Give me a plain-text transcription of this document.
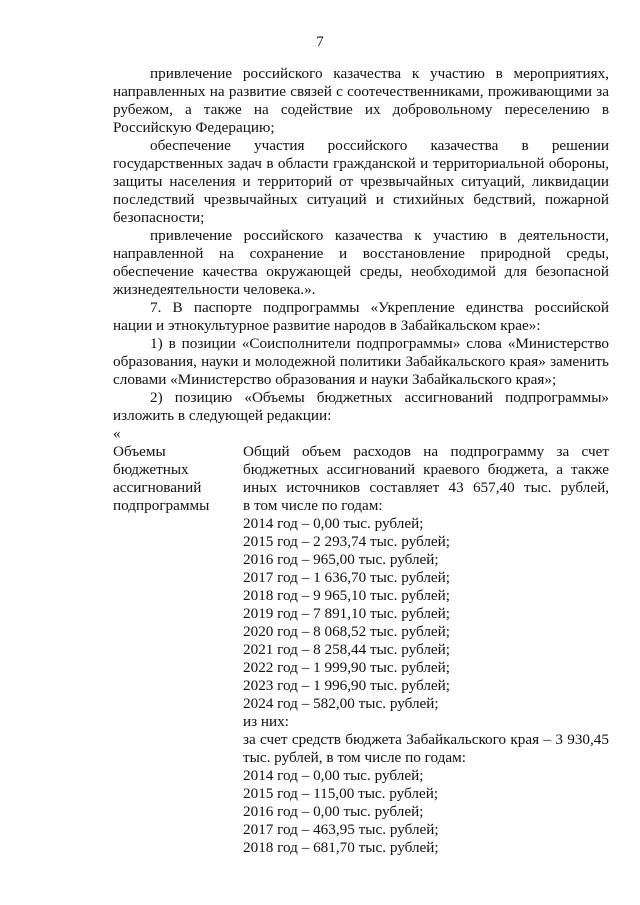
7
привлечение российского казачества к участию в мероприятиях,
направленных на развитие связей с соотечественниками, проживающими за
рубежом, а также на содействие их добровольному переселению в
Российскую Федерацию;
обеспечение участия российского казачества в решении
государственных задач в области гражданской и территориальной обороны,
защиты населения и территорий от чрезвычайных ситуаций, ликвидации
последствий чрезвычайных ситуаций и стихийных бедствий, пожарной
безопасности;
привлечение российского казачества к участию в деятельности,
направленной на сохранение и восстановление природной среды,
обеспечение качества окружающей среды, необходимой для безопасной
жизнедеятельности человека.».
7. В паспорте подпрограммы «Укрепление единства российской
нации и этнокультурное развитие народов в Забайкальском крае»:
1) в позиции «Соисполнители подпрограммы» слова «Министерство
образования, науки и молодежной политики Забайкальского края» заменить
словами «Министерство образования и науки Забайкальского края»;
2) позицию «Объемы бюджетных ассигнований подпрограммы»
изложить в следующей редакции:
«
Объемы
бюджетных
ассигнований
подпрограммы
Общий объем расходов на подпрограмму за счет
бюджетных ассигнований краевого бюджета, а также
иных источников составляет 43 657,40 тыс. рублей,
в том числе по годам:
2014 год – 0,00 тыс. рублей;
2015 год – 2 293,74 тыс. рублей;
2016 год – 965,00 тыс. рублей;
2017 год – 1 636,70 тыс. рублей;
2018 год – 9 965,10 тыс. рублей;
2019 год – 7 891,10 тыс. рублей;
2020 год – 8 068,52 тыс. рублей;
2021 год – 8 258,44 тыс. рублей;
2022 год – 1 999,90 тыс. рублей;
2023 год – 1 996,90 тыс. рублей;
2024 год – 582,00 тыс. рублей;
из них:
за счет средств бюджета Забайкальского края – 3 930,45
тыс. рублей, в том числе по годам:
2014 год – 0,00 тыс. рублей;
2015 год – 115,00 тыс. рублей;
2016 год – 0,00 тыс. рублей;
2017 год – 463,95 тыс. рублей;
2018 год – 681,70 тыс. рублей;
